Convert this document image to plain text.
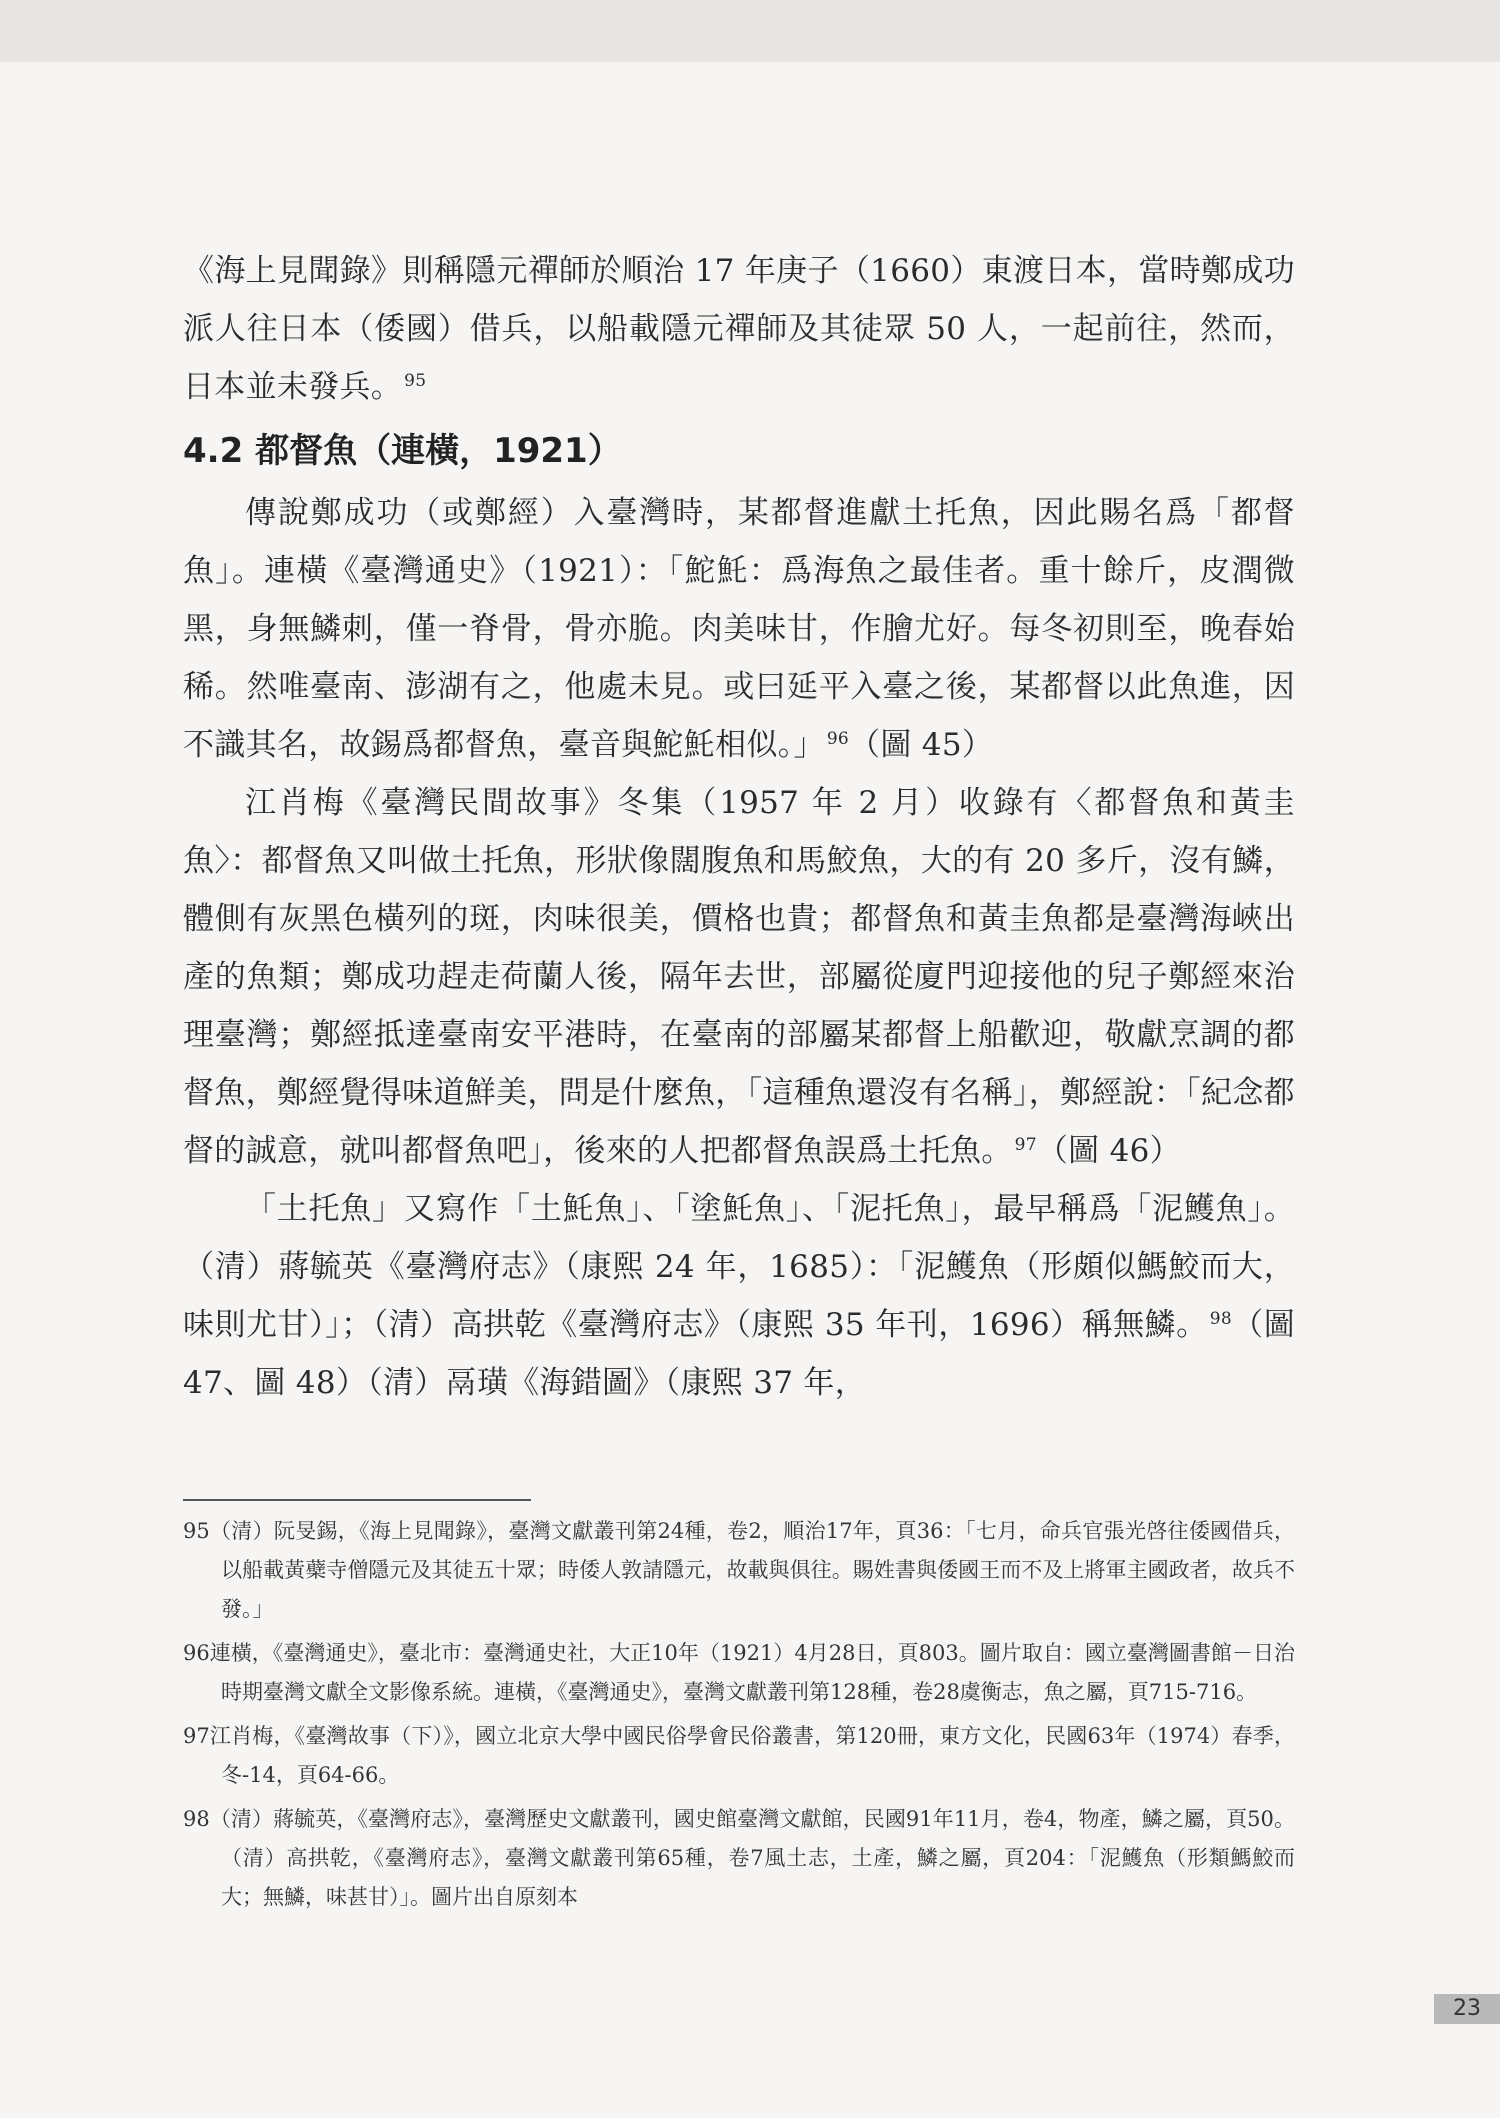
《海上見聞錄》則稱隱元禪師於順治 17 年庚子（1660）東渡日本，當時鄭成功派人往日本（倭國）借兵，以船載隱元禪師及其徒眾 50 人，一起前往，然而，日本並未發兵。 $^{95}$

4.2 都督魚（連橫，1921）

傳說鄭成功（或鄭經）入臺灣時，某都督進獻土托魚，因此賜名爲「都督魚」。連橫《臺灣通史》（1921）：「鮀魠：爲海魚之最佳者。重十餘斤，皮潤微黑，身無鱗刺，僅一脊骨，骨亦脆。肉美味甘，作膾尤好。每冬初則至，晚春始稀。然唯臺南、澎湖有之，他處未見。或曰延平入臺之後，某都督以此魚進，因不識其名，故錫爲都督魚，臺音與鮀魠相似。」 $^{96}$（圖 45）

江肖梅《臺灣民間故事》冬集（1957 年 2 月）收錄有〈都督魚和黃圭魚〉：都督魚又叫做土托魚，形狀像闊腹魚和馬鮫魚，大的有 20 多斤，沒有鱗，體側有灰黑色橫列的斑，肉味很美，價格也貴；都督魚和黃圭魚都是臺灣海峽出產的魚類；鄭成功趕走荷蘭人後，隔年去世，部屬從廈門迎接他的兒子鄭經來治理臺灣；鄭經抵達臺南安平港時，在臺南的部屬某都督上船歡迎，敬獻烹調的都督魚，鄭經覺得味道鮮美，問是什麼魚，「這種魚還沒有名稱」，鄭經說：「紀念都督的誠意，就叫都督魚吧」，後來的人把都督魚誤爲土托魚。 $^{97}$（圖 46）

「土托魚」又寫作「土魠魚」、「塗魠魚」、「泥托魚」，最早稱爲「泥鱯魚」。（清）蔣毓英《臺灣府志》（康熙 24 年，1685）：「泥鱯魚（形頗似鰢鮫而大，味則尤甘）」；（清）高拱乾《臺灣府志》（康熙 35 年刊，1696）稱無鱗。 $^{98}$（圖 47、圖 48）（清）鬲璜《海錯圖》（康熙 37 年，

95（清）阮旻錫，《海上見聞錄》，臺灣文獻叢刊第24種，卷2，順治17年，頁36：「七月，命兵官張光啓往倭國借兵，以船載黃蘗寺僧隱元及其徒五十眾；時倭人敦請隱元，故載與俱往。賜姓書與倭國王而不及上將軍主國政者，故兵不發。」

96連橫，《臺灣通史》，臺北市：臺灣通史社，大正10年（1921）4月28日，頁803。圖片取自：國立臺灣圖書館－日治時期臺灣文獻全文影像系統。連橫，《臺灣通史》，臺灣文獻叢刊第128種，卷28虞衡志，魚之屬，頁715-716。

97江肖梅，《臺灣故事（下）》，國立北京大學中國民俗學會民俗叢書，第120冊，東方文化，民國63年（1974）春季，冬-14，頁64-66。

98（清）蔣毓英，《臺灣府志》，臺灣歷史文獻叢刊，國史館臺灣文獻館，民國91年11月，卷4，物產，鱗之屬，頁50。（清）高拱乾，《臺灣府志》，臺灣文獻叢刊第65種，卷7風土志，土產，鱗之屬，頁204：「泥鱯魚（形類鰢鮫而大；無鱗，味甚甘）」。圖片出自原刻本

23
